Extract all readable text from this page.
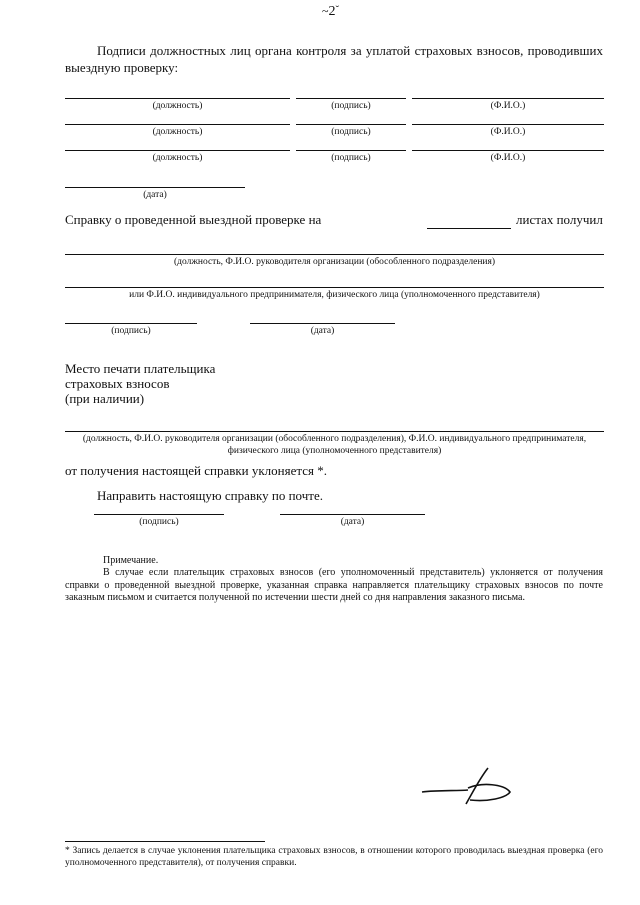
$\sim 2^ˇ$
Подписи должностных лиц органа контроля за уплатой страховых взносов, проводивших выездную проверку:
(должность)	(подпись)	(Ф.И.О.)
(должность)	(подпись)	(Ф.И.О.)
(должность)	(подпись)	(Ф.И.О.)
(дата)
Справку о проведенной выездной проверке на	листах получил
(должность, Ф.И.О. руководителя организации (обособленного подразделения)
или Ф.И.О. индивидуального предпринимателя, физического лица (уполномоченного представителя)
(подпись)	(дата)
Место печати плательщика
страховых взносов
(при наличии)
(должность, Ф.И.О. руководителя организации (обособленного подразделения), Ф.И.О. индивидуального предпринимателя,
физического лица (уполномоченного представителя)
от получения настоящей справки уклоняется *.
Направить настоящую справку по почте.
(подпись)	(дата)
Примечание.
В случае если плательщик страховых взносов (его уполномоченный представитель) уклоняется от получения справки о проведенной выездной проверке, указанная справка направляется плательщику страховых взносов по почте заказным письмом и считается полученной по истечении шести дней со дня направления заказного письма.
* Запись делается в случае уклонения плательщика страховых взносов, в отношении которого проводилась выездная проверка (его уполномоченного представителя), от получения справки.
